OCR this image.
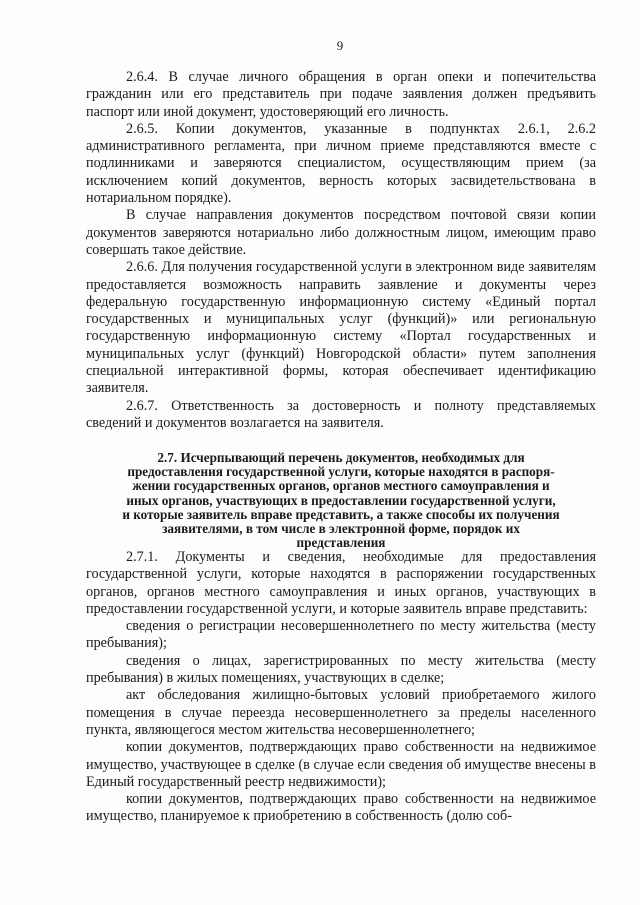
9

2.6.4. В случае личного обращения в орган опеки и попечительства гражданин или его представитель при подаче заявления должен предъявить паспорт или иной документ, удостоверяющий его личность.

2.6.5. Копии документов, указанные в подпунктах 2.6.1, 2.6.2 административного регламента, при личном приеме представляются вместе с подлинниками и заверяются специалистом, осуществляющим прием (за исключением копий документов, верность которых засвидетельствована в нотариальном порядке).

В случае направления документов посредством почтовой связи копии документов заверяются нотариально либо должностным лицом, имеющим право совершать такое действие.

2.6.6. Для получения государственной услуги в электронном виде заявителям предоставляется возможность направить заявление и документы через федеральную государственную информационную систему «Единый портал государственных и муниципальных услуг (функций)» или региональную государственную информационную систему «Портал государственных и муниципальных услуг (функций) Новгородской области» путем заполнения специальной интерактивной формы, которая обеспечивает идентификацию заявителя.

2.6.7. Ответственность за достоверность и полноту представляемых сведений и документов возлагается на заявителя.

2.7. Исчерпывающий перечень документов, необходимых для
предоставления государственной услуги, которые находятся в распоря-
жении государственных органов, органов местного самоуправления и
иных органов, участвующих в предоставлении государственной услуги,
и которые заявитель вправе представить, а также способы их получения
заявителями, в том числе в электронной форме, порядок их
представления

2.7.1. Документы и сведения, необходимые для предоставления государственной услуги, которые находятся в распоряжении государственных органов, органов местного самоуправления и иных органов, участвующих в предоставлении государственной услуги, и которые заявитель вправе представить:

сведения о регистрации несовершеннолетнего по месту жительства (месту пребывания);

сведения о лицах, зарегистрированных по месту жительства (месту пребывания) в жилых помещениях, участвующих в сделке;

акт обследования жилищно-бытовых условий приобретаемого жилого помещения в случае переезда несовершеннолетнего за пределы населенного пункта, являющегося местом жительства несовершеннолетнего;

копии документов, подтверждающих право собственности на недвижимое имущество, участвующее в сделке (в случае если сведения об имуществе внесены в Единый государственный реестр недвижимости);

копии документов, подтверждающих право собственности на недвижимое имущество, планируемое к приобретению в собственность (долю соб-
